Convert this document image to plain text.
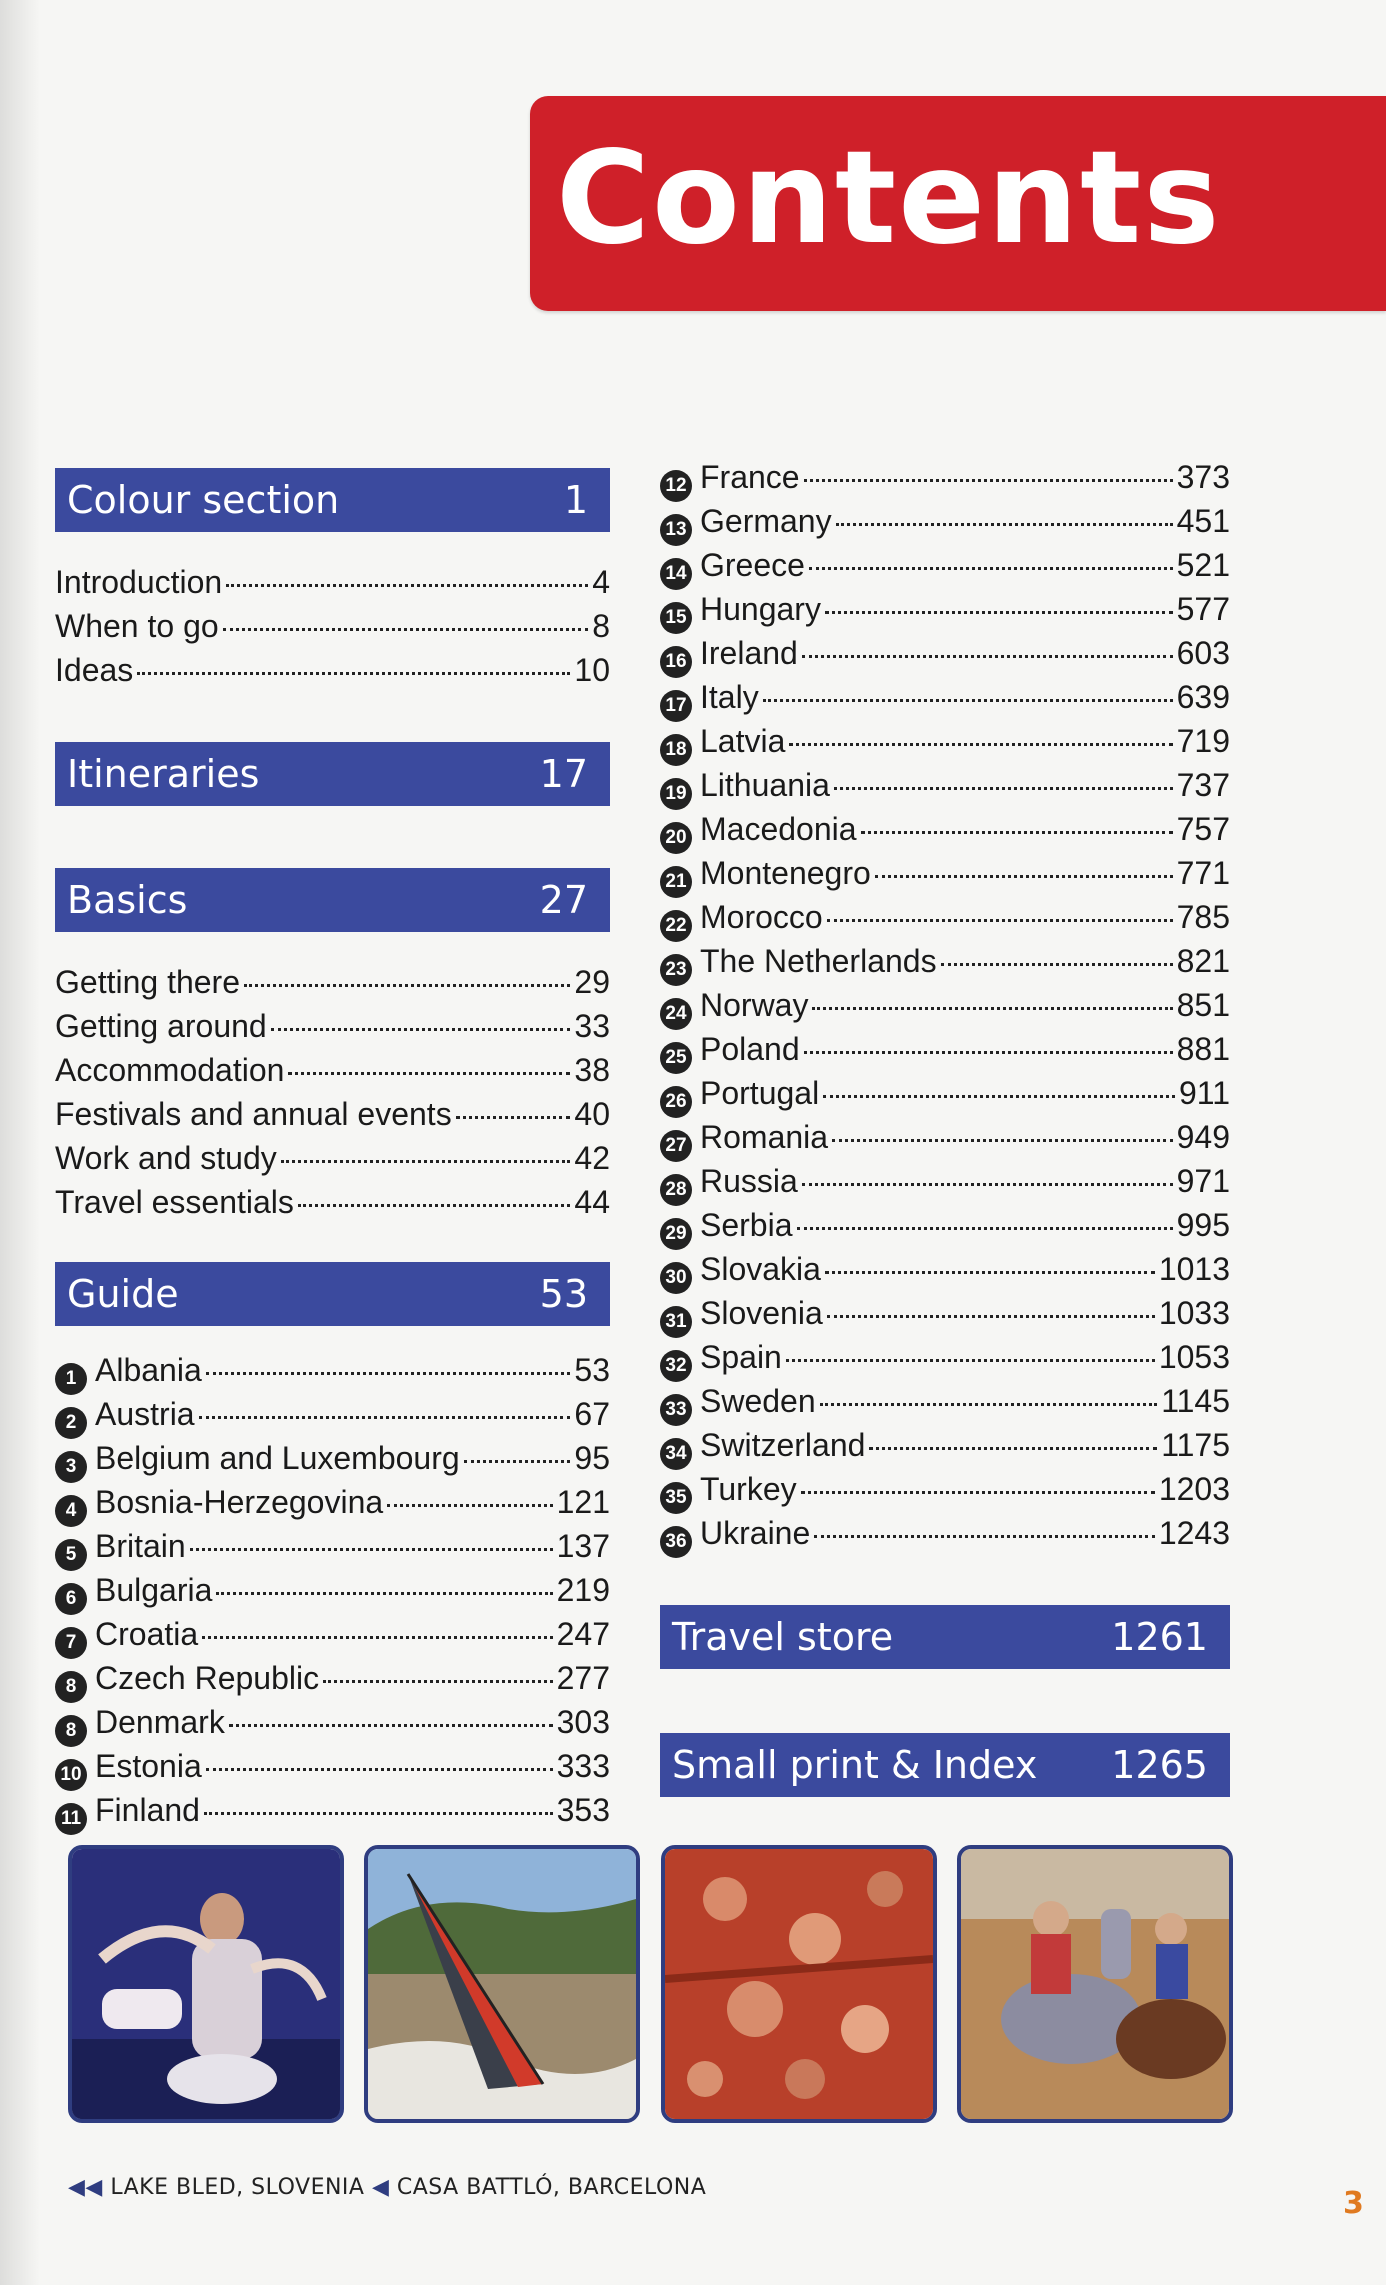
Contents
Colour section	1
Introduction	4
When to go	8
Ideas	10
Itineraries	17
Basics	27
Getting there	29
Getting around	33
Accommodation	38
Festivals and annual events	40
Work and study	42
Travel essentials	44
Guide	53
1 Albania	53
2 Austria	67
3 Belgium and Luxembourg	95
4 Bosnia-Herzegovina	121
5 Britain	137
6 Bulgaria	219
7 Croatia	247
8 Czech Republic	277
8 Denmark	303
10 Estonia	333
11 Finland	353
12 France	373
13 Germany	451
14 Greece	521
15 Hungary	577
16 Ireland	603
17 Italy	639
18 Latvia	719
19 Lithuania	737
20 Macedonia	757
21 Montenegro	771
22 Morocco	785
23 The Netherlands	821
24 Norway	851
25 Poland	881
26 Portugal	911
27 Romania	949
28 Russia	971
29 Serbia	995
30 Slovakia	1013
31 Slovenia	1033
32 Spain	1053
33 Sweden	1145
34 Switzerland	1175
35 Turkey	1203
36 Ukraine	1243
Travel store	1261
Small print & Index 1265
◀◀ LAKE BLED, SLOVENIA ◀ CASA BATTLÓ, BARCELONA	3
